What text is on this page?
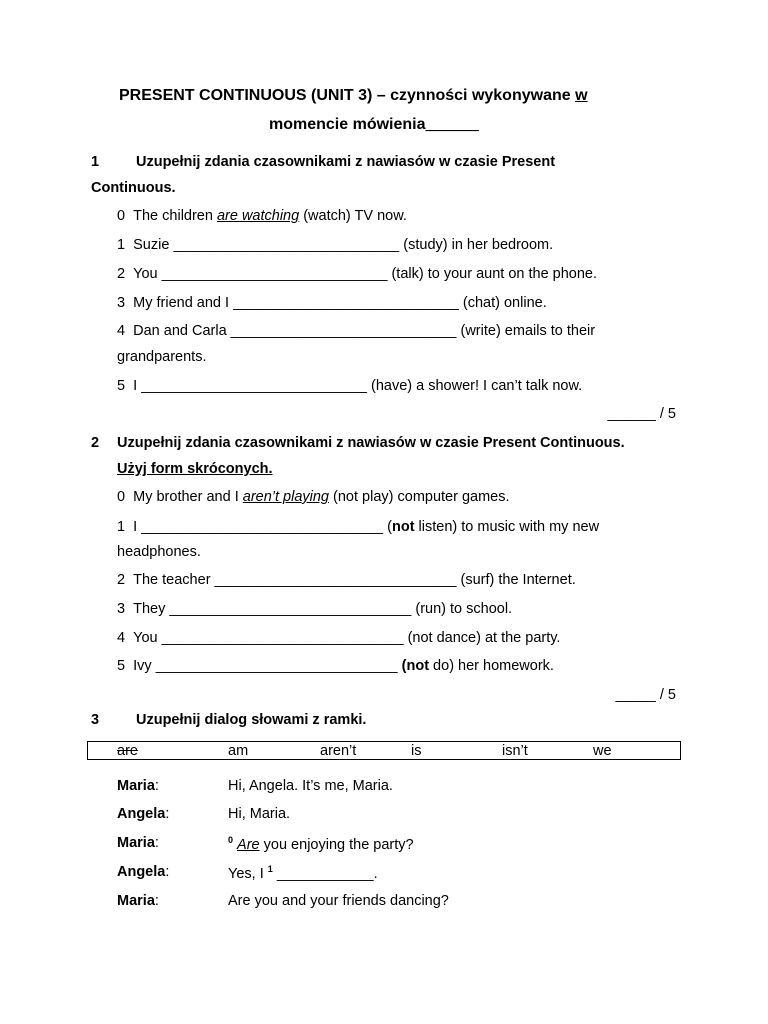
PRESENT CONTINUOUS (UNIT 3) – czynności wykonywane w
momencie mówienia______
1	Uzupełnij zdania czasownikami z nawiasów w czasie Present
Continuous.
0 The children are watching (watch) TV now.
1 Suzie ____________________________ (study) in her bedroom.
2 You ____________________________ (talk) to your aunt on the phone.
3 My friend and I ____________________________ (chat) online.
4 Dan and Carla ____________________________ (write) emails to their
grandparents.
5 I ____________________________ (have) a shower! I can’t talk now.
______ / 5
2 Uzupełnij zdania czasownikami z nawiasów w czasie Present Continuous.
Użyj form skróconych.
0 My brother and I aren’t playing (not play) computer games.
1 I ______________________________ (not listen) to music with my new
headphones.
2 The teacher ______________________________ (surf) the Internet.
3 They ______________________________ (run) to school.
4 You ______________________________ (not dance) at the party.
5 Ivy ______________________________ (not do) her homework.
_____ / 5
3	Uzupełnij dialog słowami z ramki.
are	am	aren’t	is	isn’t	we
Maria:	Hi, Angela. It’s me, Maria.
Angela:	Hi, Maria.
Maria:	$^0$ Are you enjoying the party?
Angela:	Yes, I $^1$ ____________.
Maria:	Are you and your friends dancing?
